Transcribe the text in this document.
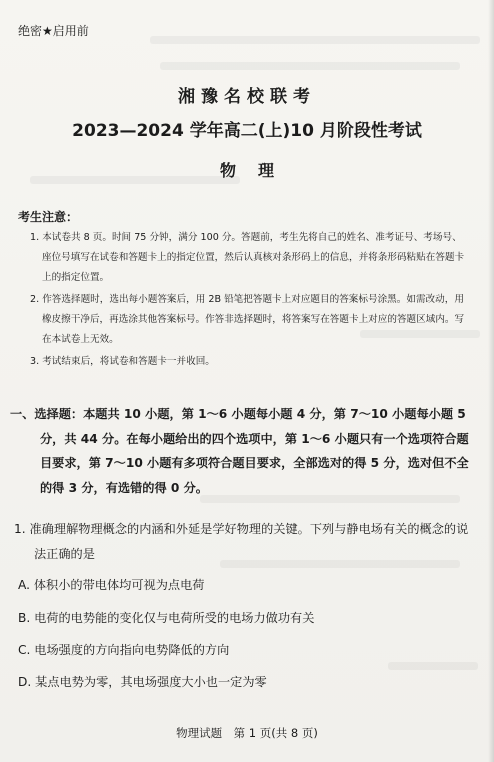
绝密★启用前
湘豫名校联考
2023—2024 学年高二(上)10 月阶段性考试
物理
考生注意：
1. 本试卷共 8 页。时间 75 分钟，满分 100 分。答题前，考生先将自己的姓名、准考证号、考场号、座位号填写在试卷和答题卡上的指定位置，然后认真核对条形码上的信息，并将条形码粘贴在答题卡上的指定位置。
2. 作答选择题时，选出每小题答案后，用 2B 铅笔把答题卡上对应题目的答案标号涂黑。如需改动，用橡皮擦干净后，再选涂其他答案标号。作答非选择题时，将答案写在答题卡上对应的答题区域内。写在本试卷上无效。
3. 考试结束后，将试卷和答题卡一并收回。
一、选择题：本题共 10 小题，第 1～6 小题每小题 4 分，第 7～10 小题每小题 5 分，共 44 分。在每小题给出的四个选项中，第 1～6 小题只有一个选项符合题目要求，第 7～10 小题有多项符合题目要求，全部选对的得 5 分，选对但不全的得 3 分，有选错的得 0 分。
1. 准确理解物理概念的内涵和外延是学好物理的关键。下列与静电场有关的概念的说法正确的是
A. 体积小的带电体均可视为点电荷
B. 电荷的电势能的变化仅与电荷所受的电场力做功有关
C. 电场强度的方向指向电势降低的方向
D. 某点电势为零，其电场强度大小也一定为零
物理试题　第 1 页(共 8 页)
